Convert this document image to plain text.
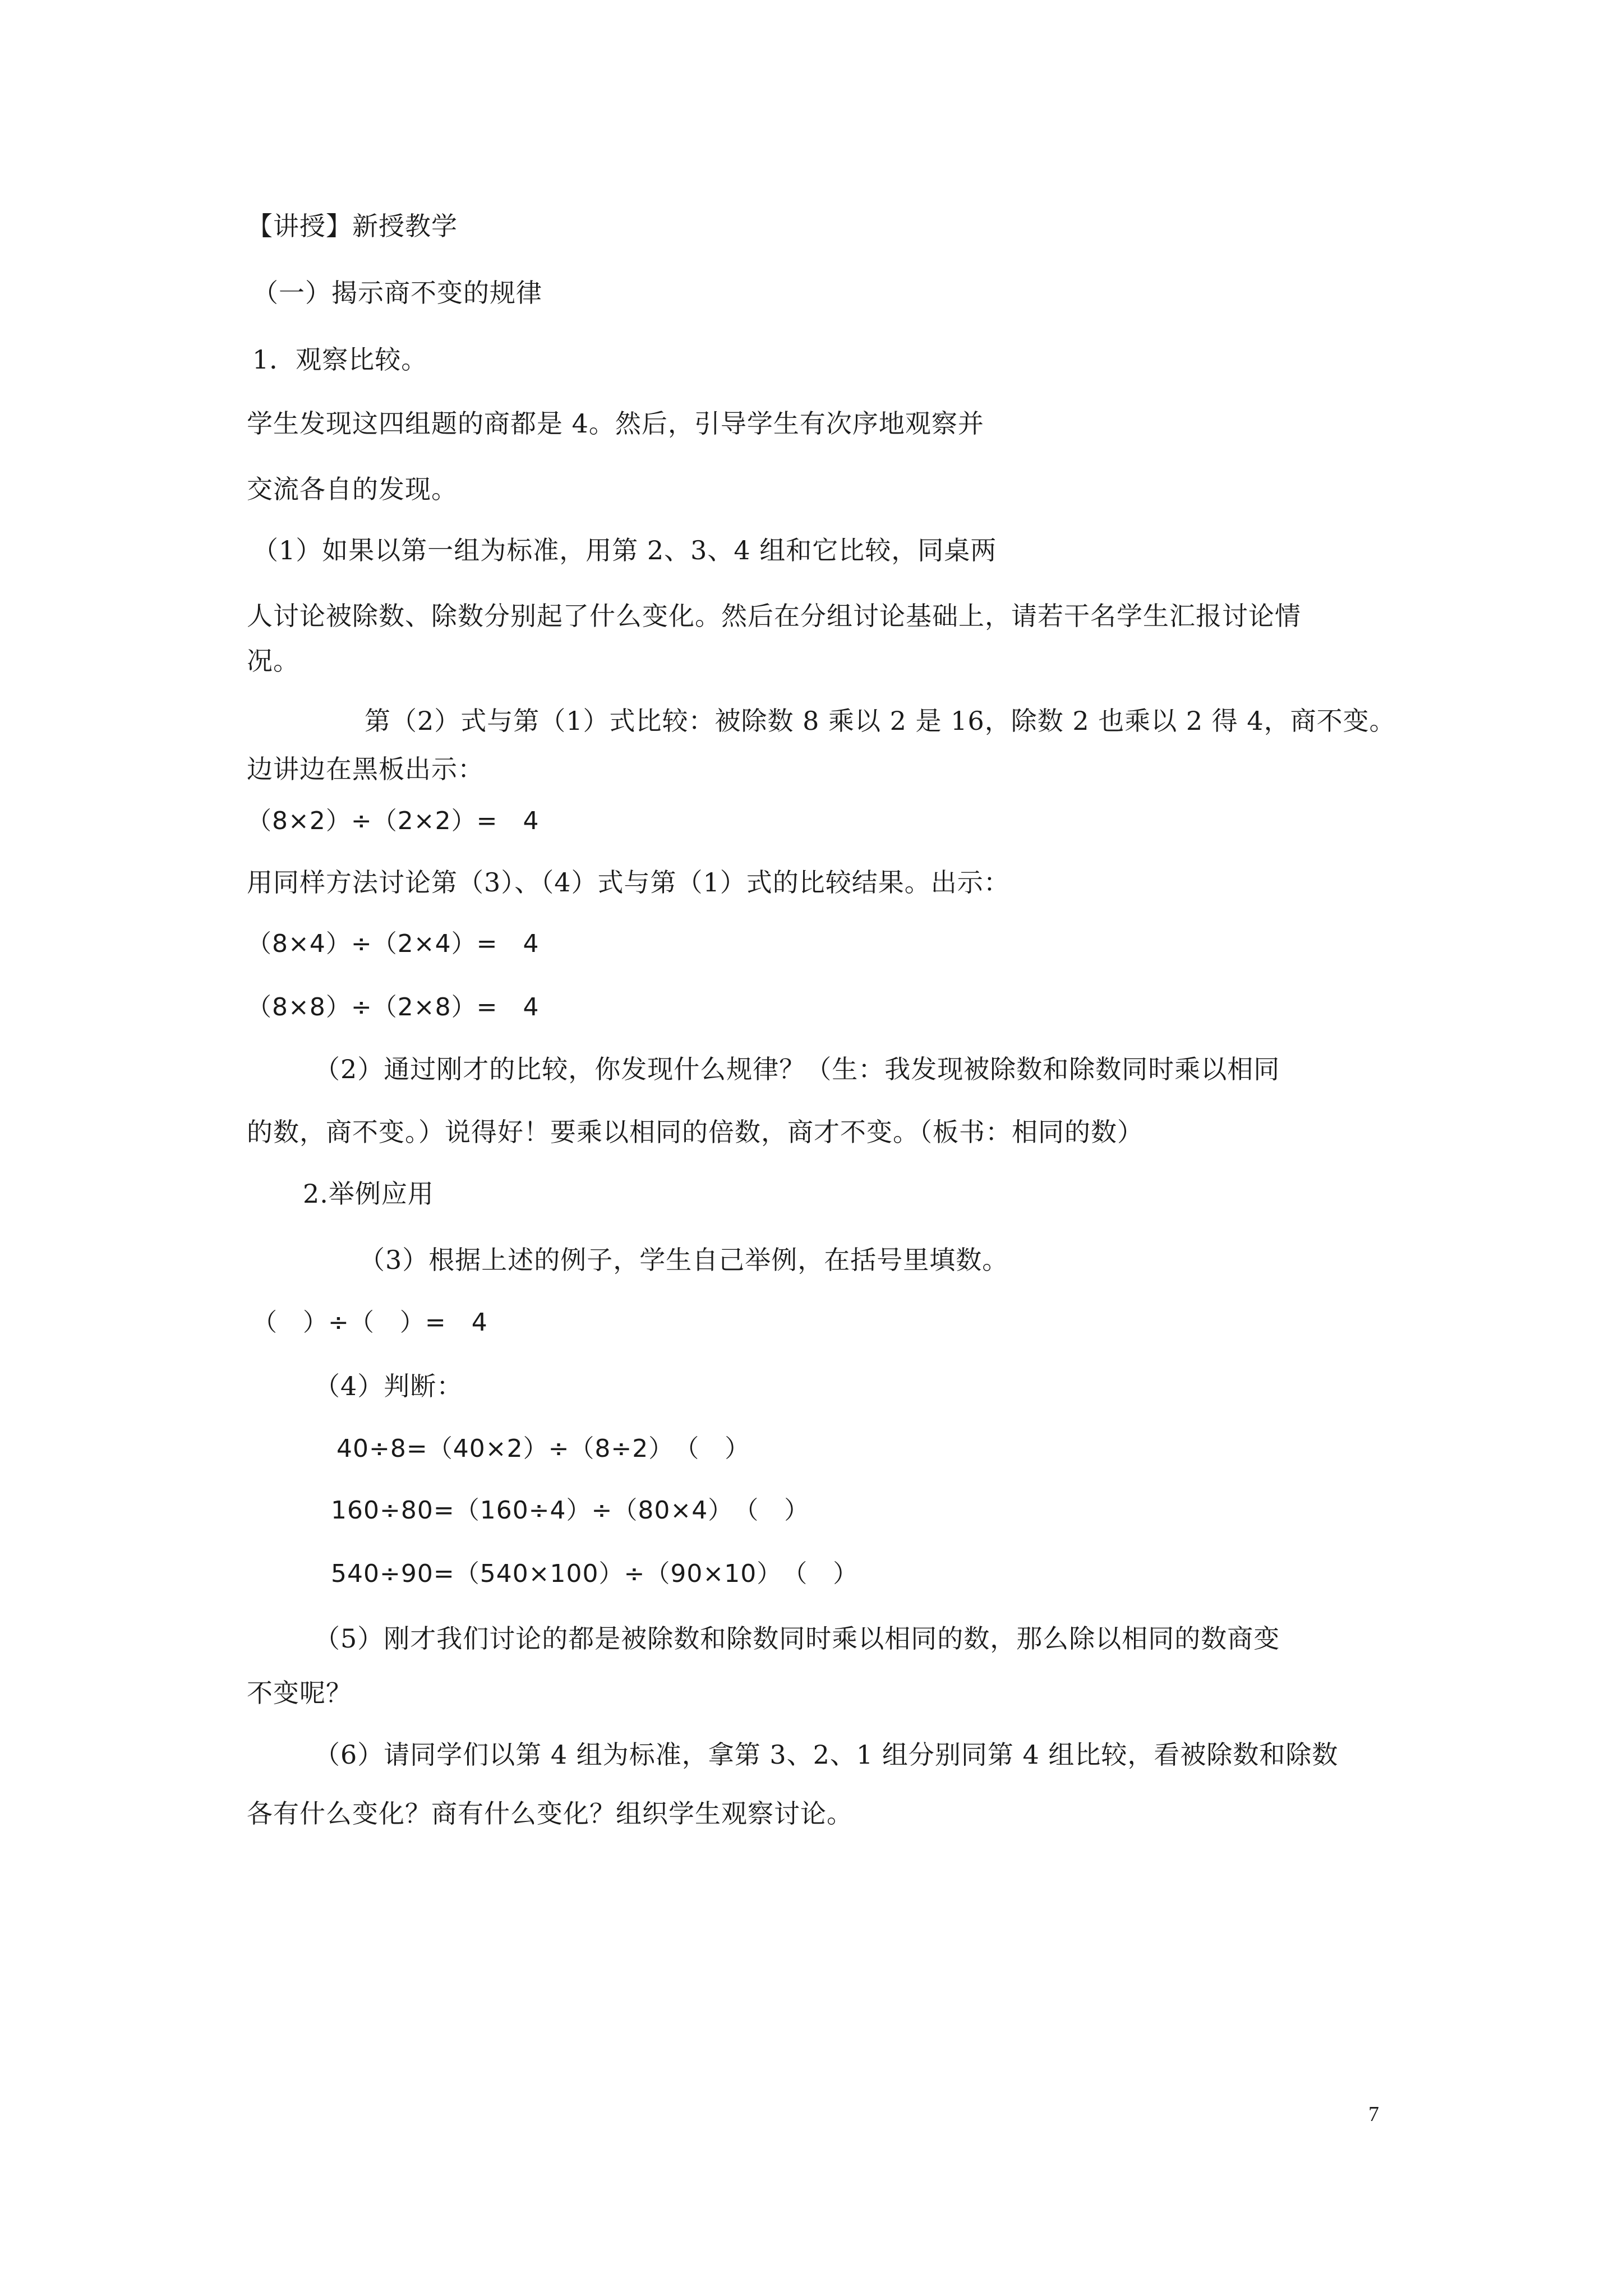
【讲授】新授教学
（一）揭示商不变的规律
1．观察比较。
学生发现这四组题的商都是 4。然后，引导学生有次序地观察并
交流各自的发现。
（1）如果以第一组为标准，用第 2、3、4 组和它比较，同桌两
人讨论被除数、除数分别起了什么变化。然后在分组讨论基础上，请若干名学生汇报讨论情
况。
第（2）式与第（1）式比较：被除数 8 乘以 2 是 16，除数 2 也乘以 2 得 4，商不变。
边讲边在黑板出示：
（8×2）÷（2×2）=　4
用同样方法讨论第（3）、（4）式与第（1）式的比较结果。出示：
（8×4）÷（2×4）=　4
（8×8）÷（2×8）=　4
（2）通过刚才的比较，你发现什么规律？（生：我发现被除数和除数同时乘以相同
的数，商不变。）说得好！要乘以相同的倍数，商才不变。（板书：相同的数）
2.举例应用
（3）根据上述的例子，学生自己举例，在括号里填数。
（　）÷（　）=　4
（4）判断：
40÷8=（40×2）÷（8÷2）　（　）
160÷80=（160÷4）÷（80×4）　（　）
540÷90=（540×100）÷（90×10）　（　）
（5）刚才我们讨论的都是被除数和除数同时乘以相同的数，那么除以相同的数商变
不变呢？
（6）请同学们以第 4 组为标准，拿第 3、2、1 组分别同第 4 组比较，看被除数和除数
各有什么变化？商有什么变化？组织学生观察讨论。
7
